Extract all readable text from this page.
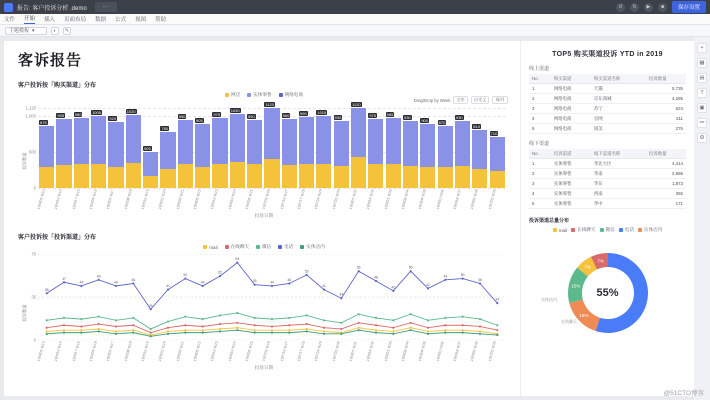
报告: 客户投诉分析 .demo	···	↺	↻	▶	■	保存设置
文件 开始 插入 页面布局 数据 公式 视图 帮助
主题模板 ▾	◐	✎
客诉报告
客户投诉按「购买渠道」分布
网店	实体零售	网络电商
Drag/Drop by Week	全市	自定义	周/月
投诉数量
0
500
1,000
1,120
875
955	980	1005
920
1020
505
780
950
905
975
1030
950
1120
960	990	1015
930
1120
975	985
930	900	870
930
810
710
190403-W13	190410-W14	190417-W15	190424-W16	190501-W17	190508-W18	190515-W19	190522-W20	190529-W21	190605-W22	190612-W23	190619-W24	190626-W25	190703-W26	190710-W27	190717-W28	190724-W29	190731-W30	190807-W31	190814-W32	190821-W33	190828-W34	190904-W35	190911-W36	190918-W37	190925-W38	191002-W39
投诉日期
客户投诉按「投诉渠道」分布
mail	在线聊天	微信	电话	实体店内
投诉数量
0
35
70
38
47
44
49
44
46
25
41
50
44
52
63
45	44
46
53
41
34
56
48
40
56
42
49	50
46
30
190403-W13	190410-W14	190417-W15	190424-W16	190501-W17	190508-W18	190515-W19	190522-W20	190529-W21	190605-W22	190612-W23	190619-W24	190626-W25	190703-W26	190710-W27	190717-W28	190724-W29	190731-W30	190807-W31	190814-W32	190821-W33	190828-W34	190904-W35	190911-W36	190918-W37	190925-W38	191002-W39
投诉日期
TOP5 购买渠道投诉 YTD in 2019
线上渠道
No.	购买渠道	购买渠道名称	投诉数量
1	网络电商	天猫	5,735
2	网络电商	京东商城	4,285
3	网络电商	苏宁	624
4	网络电商	官网	311
5	网络电商	国美	276
线下渠道
No.	投诉渠道	线下渠道名称	投诉数量
1	实体零售	华北大区	4,414
2	实体零售	华南	2,986
3	实体零售	华东	1,873
4	实体零售	西南	392
5	实体零售	华中	171
投诉渠道总量分布
mail 在线聊天 微信 电话 实体店内
16%
15%
7%
7%
实体店内
在线聊天
55%
+
▦
▤
T
▣
⚯
⚙
@51CTO博客
